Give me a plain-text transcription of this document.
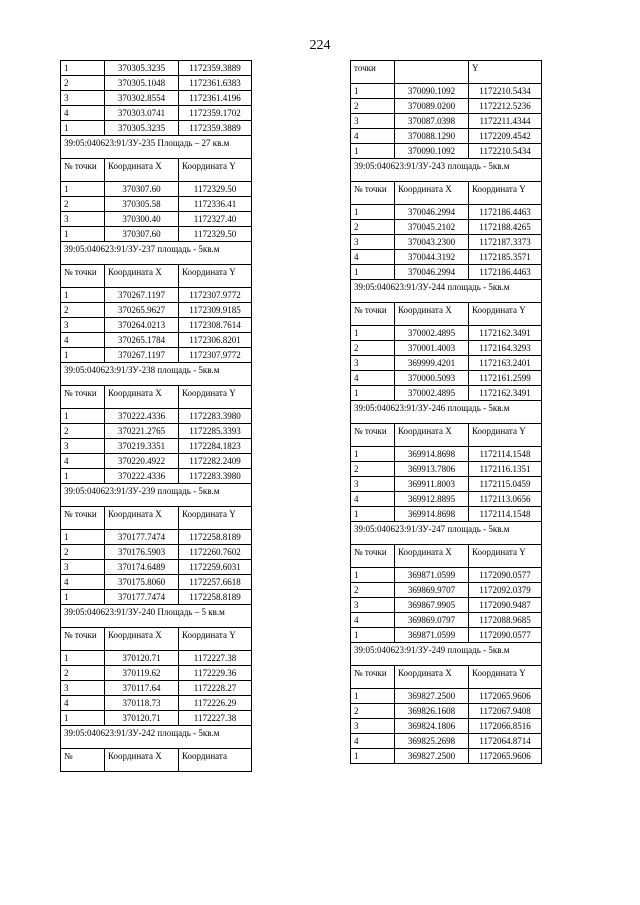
224
1	370305.3235	1172359.3889
2	370305.1048	1172361.6383
3	370302.8554	1172361.4196
4	370303.0741	1172359.1702
1	370305.3235	1172359.3889
39:05:040623:91/ЗУ-235 Площадь – 27 кв.м		
№ точки	Координата X	Координата Y
1	370307.60	1172329.50
2	370305.58	1172336.41
3	370300.40	1172327.40
1	370307.60	1172329.50
39:05:040623:91/ЗУ-237 площадь - 5кв.м		
№ точки	Координата X	Координата Y
1	370267.1197	1172307.9772
2	370265.9627	1172309.9185
3	370264.0213	1172308.7614
4	370265.1784	1172306.8201
1	370267.1197	1172307.9772
39:05:040623:91/ЗУ-238 площадь - 5кв.м		
№ точки	Координата X	Координата Y
1	370222.4336	1172283.3980
2	370221.2765	1172285.3393
3	370219.3351	1172284.1823
4	370220.4922	1172282.2409
1	370222.4336	1172283.3980
39:05:040623:91/ЗУ-239 площадь - 5кв.м		
№ точки	Координата X	Координата Y
1	370177.7474	1172258.8189
2	370176.5903	1172260.7602
3	370174.6489	1172259.6031
4	370175.8060	1172257.6618
1	370177.7474	1172258.8189
39:05:040623:91/ЗУ-240 Площадь – 5 кв.м		
№ точки	Координата X	Координата Y
1	370120.71	1172227.38
2	370119.62	1172229.36
3	370117.64	1172228.27
4	370118.73	1172226.29
1	370120.71	1172227.38
39:05:040623:91/ЗУ-242 площадь - 5кв.м		
№	Координата X	Координата
точки		Y
1	370090.1092	1172210.5434
2	370089.0200	1172212.5236
3	370087.0398	1172211.4344
4	370088.1290	1172209.4542
1	370090.1092	1172210.5434
39:05:040623:91/ЗУ-243 площадь - 5кв.м		
№ точки	Координата X	Координата Y
1	370046.2994	1172186.4463
2	370045.2102	1172188.4265
3	370043.2300	1172187.3373
4	370044.3192	1172185.3571
1	370046.2994	1172186.4463
39:05:040623:91/ЗУ-244 площадь - 5кв.м		
№ точки	Координата X	Координата Y
1	370002.4895	1172162.3491
2	370001.4003	1172164.3293
3	369999.4201	1172163.2401
4	370000.5093	1172161.2599
1	370002.4895	1172162.3491
39:05:040623:91/ЗУ-246 площадь - 5кв.м		
№ точки	Координата X	Координата Y
1	369914.8698	1172114.1548
2	369913.7806	1172116.1351
3	369911.8003	1172115.0459
4	369912.8895	1172113.0656
1	369914.8698	1172114.1548
39:05:040623:91/ЗУ-247 площадь - 5кв.м		
№ точки	Координата X	Координата Y
1	369871.0599	1172090.0577
2	369869.9707	1172092.0379
3	369867.9905	1172090.9487
4	369869.0797	1172088.9685
1	369871.0599	1172090.0577
39:05:040623:91/ЗУ-249 площадь - 5кв.м		
№ точки	Координата X	Координата Y
1	369827.2500	1172065.9606
2	369826.1608	1172067.9408
3	369824.1806	1172066.8516
4	369825.2698	1172064.8714
1	369827.2500	1172065.9606
